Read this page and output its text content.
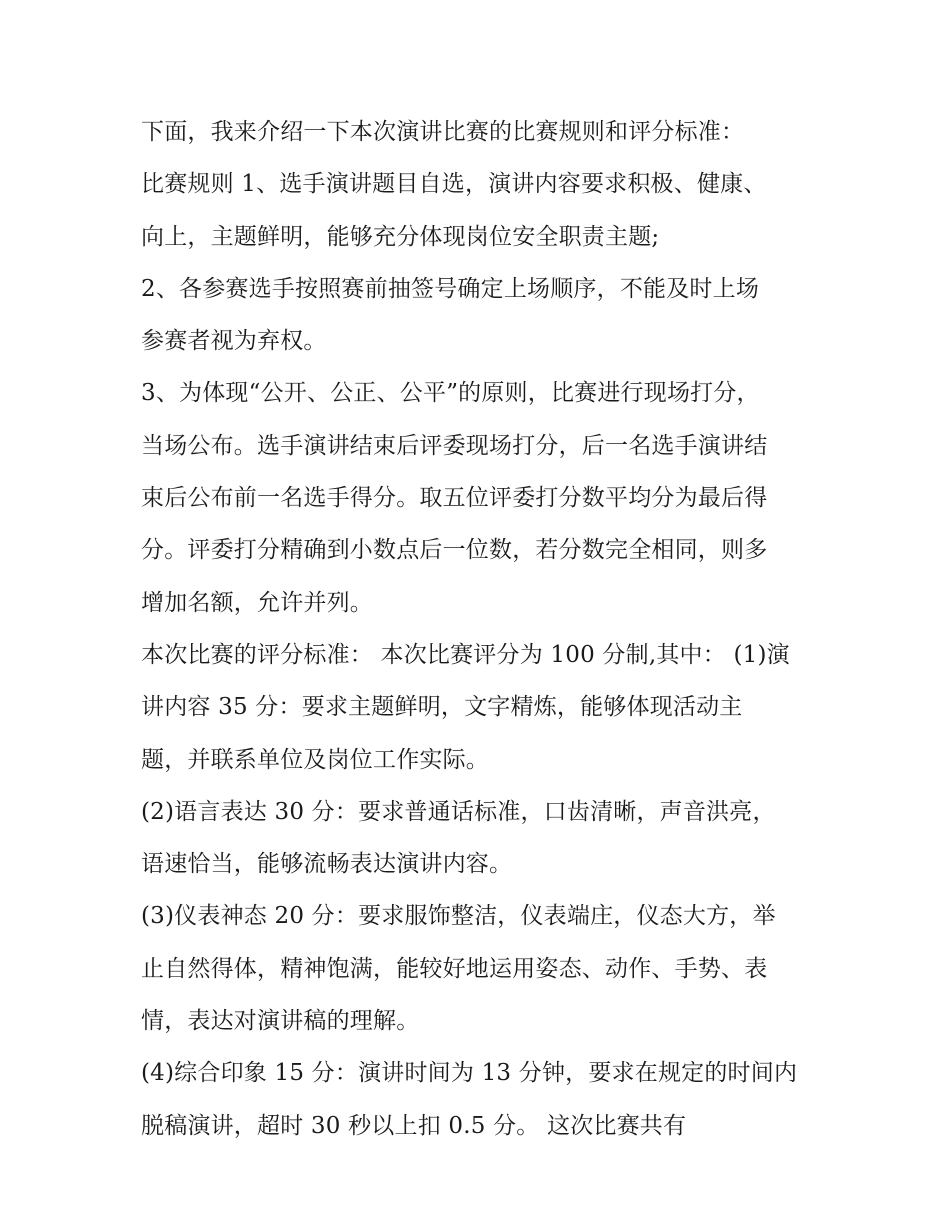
下面，我来介绍一下本次演讲比赛的比赛规则和评分标准：
比赛规则 1、选手演讲题目自选，演讲内容要求积极、健康、
向上，主题鲜明，能够充分体现岗位安全职责主题;
2、各参赛选手按照赛前抽签号确定上场顺序，不能及时上场
参赛者视为弃权。
3、为体现“公开、公正、公平”的原则，比赛进行现场打分，
当场公布。选手演讲结束后评委现场打分，后一名选手演讲结
束后公布前一名选手得分。取五位评委打分数平均分为最后得
分。评委打分精确到小数点后一位数，若分数完全相同，则多
增加名额，允许并列。
本次比赛的评分标准： 本次比赛评分为 100 分制,其中： (1)演
讲内容 35 分：要求主题鲜明，文字精炼，能够体现活动主
题，并联系单位及岗位工作实际。
(2)语言表达 30 分：要求普通话标准，口齿清晰，声音洪亮，
语速恰当，能够流畅表达演讲内容。
(3)仪表神态 20 分：要求服饰整洁，仪表端庄，仪态大方，举
止自然得体，精神饱满，能较好地运用姿态、动作、手势、表
情，表达对演讲稿的理解。
(4)综合印象 15 分：演讲时间为 13 分钟，要求在规定的时间内
脱稿演讲，超时 30 秒以上扣 0.5 分。 这次比赛共有
